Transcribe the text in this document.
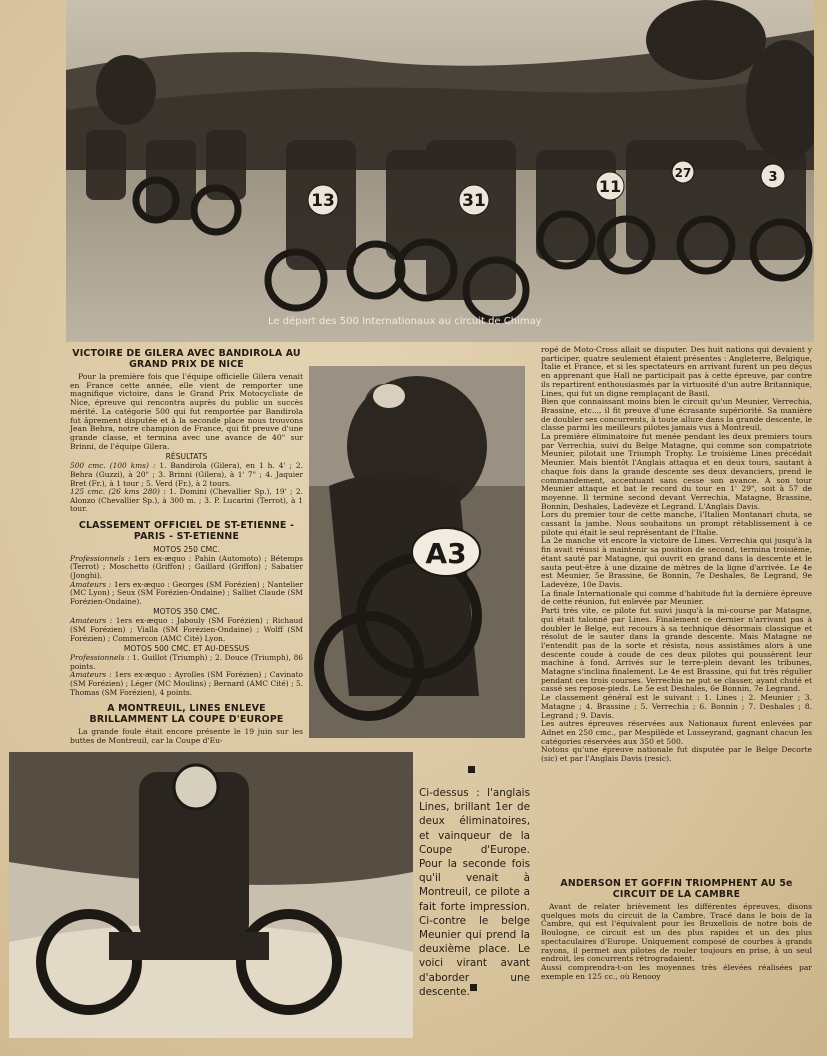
13	31
11
27	3
Le départ des 500 Internationaux au circuit de Chimay
VICTOIRE DE GILERA AVEC BANDIROLA AU GRAND PRIX DE NICE

Pour la première fois que l'équipe officielle Gilera venait en France cette année, elle vient de remporter une magnifique victoire, dans le Grand Prix Motocycliste de Nice, épreuve qui rencontra auprès du public un succès mérité. La catégorie 500 qui fut remportée par Bandirola fut âprement disputée et à la seconde place nous trouvons Jean Behra, notre champion de France, qui fit preuve d'une grande classe, et termina avec une avance de 40" sur Brinni, de l'équipe Gilera.

RÉSULTATS
500 cmc. (100 kms) : 1. Bandirola (Gilera), en 1 h. 4' ; 2. Behra (Guzzi), à 20" ; 3. Brinni (Gilera), à 1' 7" ; 4. Jaquier Bret (Fr.), à 1 tour ; 5. Verd (Fr.), à 2 tours.
125 cmc. (26 kms 280) : 1. Domini (Chevallier Sp.), 19' ; 2. Alonzo (Chevallier Sp.), à 300 m. ; 3. P. Lucarini (Terrot), à 1 tour.
CLASSEMENT OFFICIEL DE ST-ETIENNE - PARIS - ST-ETIENNE
MOTOS 250 CMC.
Professionnels : 1ers ex-æquo : Pahin (Automoto) ; Bétemps (Terrot) ; Moschetto (Griffon) ; Gaillard (Griffon) ; Sabatier (Jonghi).
Amateurs : 1ers ex-æquo : Georges (SM Forézien) ; Nantelier (MC Lyon) ; Seux (SM Forézien-Ondaine) ; Salliet Claude (SM Forézien-Ondaine).
MOTOS 350 CMC.
Amateurs : 1ers ex-æquo : Jabouly (SM Forézien) ; Richaud (SM Forézien) ; Vialla (SM Forézien-Ondaine) ; Wolff (SM Forézien) ; Commercon (AMC Cité) Lyon.
MOTOS 500 CMC. ET AU-DESSUS
Professionnels : 1. Guillot (Triumph) ; 2. Douce (Triumph), 86 points.
Amateurs : 1ers ex-æquo : Ayrolles (SM Forézien) ; Cavinato (SM Forézien) ; Léger (MC Moulins) ; Bernard (AMC Cité) ; 5. Thomas (SM Forézien), 4 points.
A MONTREUIL, LINES ENLEVE BRILLAMMENT LA COUPE D'EUROPE

La grande foule était encore présente le 19 juin sur les buttes de Montreuil, car la Coupe d'Eu-

A3

ropé de Moto-Cross allait se disputer. Des huit nations qui devaient y participer, quatre seulement étaient présentes : Angleterre, Belgique, Italie et France, et si les spectateurs en arrivant furent un peu déçus en apprenant que Hall ne participait pas à cette épreuve, par contre ils repartirent enthousiasmés par la virtuosité d'un autre Britannique, Lines, qui fut un digne remplaçant de Basil.
Bien que connaissant moins bien le circuit qu'un Meunier, Verrechia, Brassine, etc..., il fit preuve d'une écrasante supériorité. Sa manière de doubler ses concurrents, à toute allure dans la grande descente, le classe parmi les meilleurs pilotes jamais vus à Montreuil.
La première éliminatoire fut menée pendant les deux premiers tours par Verrechia, suivi du Belge Matagne, qui comme son compatriote Meunier, pilotait une Triumph Trophy. Le troisième Lines précédait Meunier. Mais bientôt l'Anglais attaqua et en deux tours, sautant à chaque fois dans la grande descente ses deux devanciers, prend le commandement, accentuant sans cesse son avance. A son tour Meunier attaque et bat le record du tour en 1' 29", soit à 57 de moyenne. Il termine second devant Verrechia, Matagne, Brassine, Bonnin, Deshales, Ladevèze et Legrand. L'Anglais Davis.
Lors du premier tour de cette manche, l'Italien Montanari chuta, se cassant la jambe. Nous souhaitons un prompt rétablissement à ce pilote qui était le seul représentant de l'Italie.
La 2e manche vit encore la victoire de Lines. Verrechia qui jusqu'à la fin avait réussi à maintenir sa position de second, termina troisième, étant sauté par Matagne, qui ouvrit en grand dans la descente et le sauta peut-être à une dizaine de mètres de la ligne d'arrivée. Le 4e est Meunier, 5e Brassine, 6e Bonnin, 7e Deshales, 8e Legrand, 9e Ladevèze, 10e Davis.
La finale Internationale qui comme d'habitude fut la dernière épreuve de cette réunion, fut enlevée par Meunier.
Parti très vite, ce pilote fut suivi jusqu'à la mi-course par Matagne, qui était talonné par Lines. Finalement ce dernier n'arrivant pas à doubler le Belge, eut recours à sa technique désormais classique et résolut de le sauter dans la grande descente. Mais Matagne ne l'entendit pas de la sorte et résista, nous assistâmes alors à une descente coude à coude de ces deux pilotes qui poussèrent leur machine à fond. Arrivés sur le terre-plein devant les tribunes, Matagne s'inclina finalement. Le 4e est Brassine, qui fut très régulier pendant ces trois courses. Verrechia ne put se classer, ayant chuté et cassé ses repose-pieds. Le 5e est Deshales, 6e Bonnin, 7e Legrand.
Le classement général est le suivant : 1. Lines ; 2. Meunier ; 3. Matagne ; 4. Brassine ; 5. Verrechia ; 6. Bonnin ; 7. Deshales ; 8. Legrand ; 9. Davis.
Les autres épreuves réservées aux Nationaux furent enlevées par Adnet en 250 cmc., par Mespilède et Lusseyrand, gagnant chacun les catégories réservées aux 350 et 500.
Notons qu'une épreuve nationale fut disputée par le Belge Decorte (sic) et par l'Anglais Davis (resic).

Ci-dessus : l'anglais Lines, brillant 1er de deux éliminatoires, et vainqueur de la Coupe d'Europe. Pour la seconde fois qu'il venait à Montreuil, ce pilote a fait forte impression. Ci-contre le belge Meunier qui prend la deuxième place. Le voici virant avant d'aborder une descente.
ANDERSON ET GOFFIN TRIOMPHENT AU 5e CIRCUIT DE LA CAMBRE

Avant de relater brièvement les différentes épreuves, disons quelques mots du circuit de la Cambre. Tracé dans le bois de la Cambre, qui est l'équivalent pour les Bruxellois de notre bois de Boulogne, ce circuit est un des plus rapides et un des plus spectaculaires d'Europe. Uniquement composé de courbes à grands rayons, il permet aux pilotes de rouler toujours en prise, à un seul endroit, les concurrents rétrogradaient.
Aussi comprendra-t-on les moyennes très élevées réalisées par exemple en 125 cc., où Renooy
